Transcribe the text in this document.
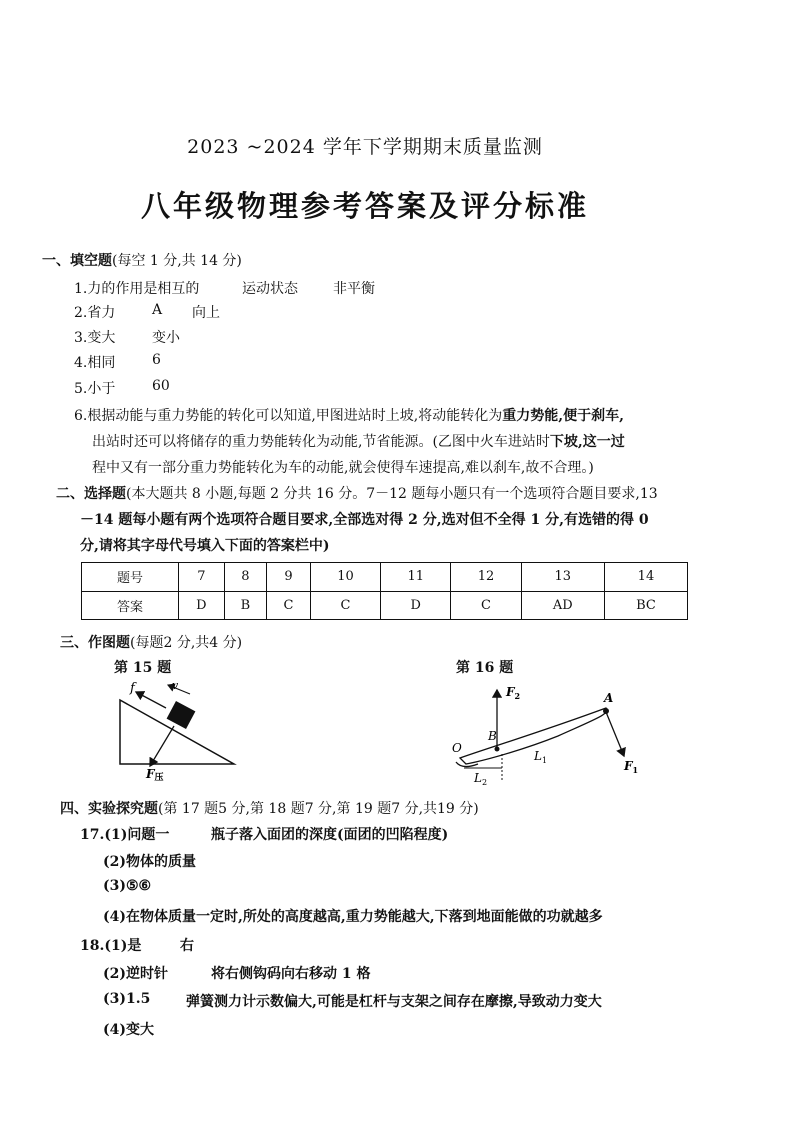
2023 ~2024 学年下学期期末质量监测
八年级物理参考答案及评分标准
一、填空题(每空 1 分,共 14 分)
1.力的作用是相互的	运动状态	非平衡
2.省力	A 向上
3.变大	变小
4.相同	6
5.小于	60
6.根据动能与重力势能的转化可以知道,甲图进站时上坡,将动能转化为重力势能,便于刹车,
出站时还可以将储存的重力势能转化为动能,节省能源。(乙图中火车进站时下坡,这一过
程中又有一部分重力势能转化为车的动能,就会使得车速提高,难以刹车,故不合理。)
二、选择题(本大题共 8 小题,每题 2 分共 16 分。7－12 题每小题只有一个选项符合题目要求,13
－14 题每小题有两个选项符合题目要求,全部选对得 2 分,选对但不全得 1 分,有选错的得 0
分,请将其字母代号填入下面的答案栏中)
题号	7	8	9	10	11	12	13	14
答案	D	B	C	C	D	C	AD	BC
三、作图题(每题2 分,共4 分)
第 15 题	第 16 题
f	v
F压
$F_2$	A
B
O
$L_1$
$L_2$
$F_1$
四、实验探究题(第 17 题5 分,第 18 题7 分,第 19 题7 分,共19 分)
17.(1)问题一	瓶子落入面团的深度(面团的凹陷程度)
(2)物体的质量
(3)⑤⑥
(4)在物体质量一定时,所处的高度越高,重力势能越大,下落到地面能做的功就越多
18.(1)是	右
(2)逆时针	将右侧钩码向右移动 1 格
(3)1.5	弹簧测力计示数偏大,可能是杠杆与支架之间存在摩擦,导致动力变大
(4)变大
